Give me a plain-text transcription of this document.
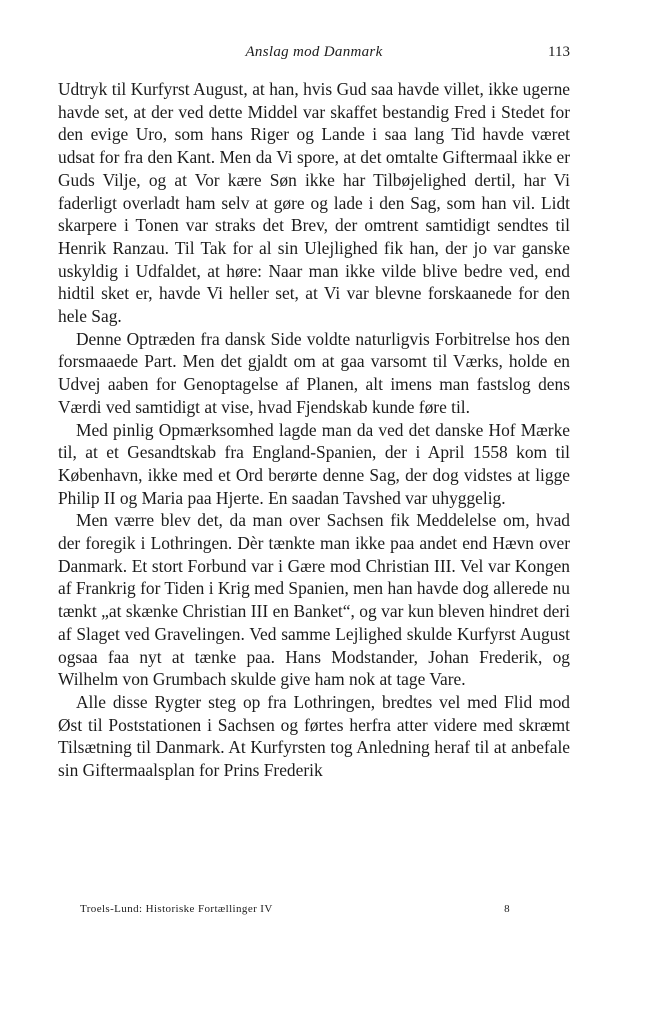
Anslag mod Danmark	113

Udtryk til Kurfyrst August, at han, hvis Gud saa havde villet, ikke ugerne havde set, at der ved dette Middel var skaffet bestandig Fred i Stedet for den evige Uro, som hans Riger og Lande i saa lang Tid havde været udsat for fra den Kant. Men da Vi spore, at det omtalte Giftermaal ikke er Guds Vilje, og at Vor kære Søn ikke har Tilbøjelighed dertil, har Vi faderligt overladt ham selv at gøre og lade i den Sag, som han vil. Lidt skarpere i Tonen var straks det Brev, der omtrent samtidigt sendtes til Henrik Ranzau. Til Tak for al sin Ulejlighed fik han, der jo var ganske uskyldig i Udfaldet, at høre: Naar man ikke vilde blive bedre ved, end hidtil sket er, havde Vi heller set, at Vi var blevne forskaanede for den hele Sag.

Denne Optræden fra dansk Side voldte naturligvis Forbitrelse hos den forsmaaede Part. Men det gjaldt om at gaa varsomt til Værks, holde en Udvej aaben for Genoptagelse af Planen, alt imens man fastslog dens Værdi ved samtidigt at vise, hvad Fjendskab kunde føre til.

Med pinlig Opmærksomhed lagde man da ved det danske Hof Mærke til, at et Gesandtskab fra England-Spanien, der i April 1558 kom til København, ikke med et Ord berørte denne Sag, der dog vidstes at ligge Philip II og Maria paa Hjerte. En saadan Tavshed var uhyggelig.

Men værre blev det, da man over Sachsen fik Meddelelse om, hvad der foregik i Lothringen. Dèr tænkte man ikke paa andet end Hævn over Danmark. Et stort Forbund var i Gære mod Christian III. Vel var Kongen af Frankrig for Tiden i Krig med Spanien, men han havde dog allerede nu tænkt „at skænke Christian III en Banket“, og var kun bleven hindret deri af Slaget ved Gravelingen. Ved samme Lejlighed skulde Kurfyrst August ogsaa faa nyt at tænke paa. Hans Modstander, Johan Frederik, og Wilhelm von Grumbach skulde give ham nok at tage Vare.

Alle disse Rygter steg op fra Lothringen, bredtes vel med Flid mod Øst til Poststationen i Sachsen og førtes herfra atter videre med skræmt Tilsætning til Danmark. At Kurfyrsten tog Anledning heraf til at anbefale sin Giftermaalsplan for Prins Frederik

Troels-Lund: Historiske Fortællinger IV	8
